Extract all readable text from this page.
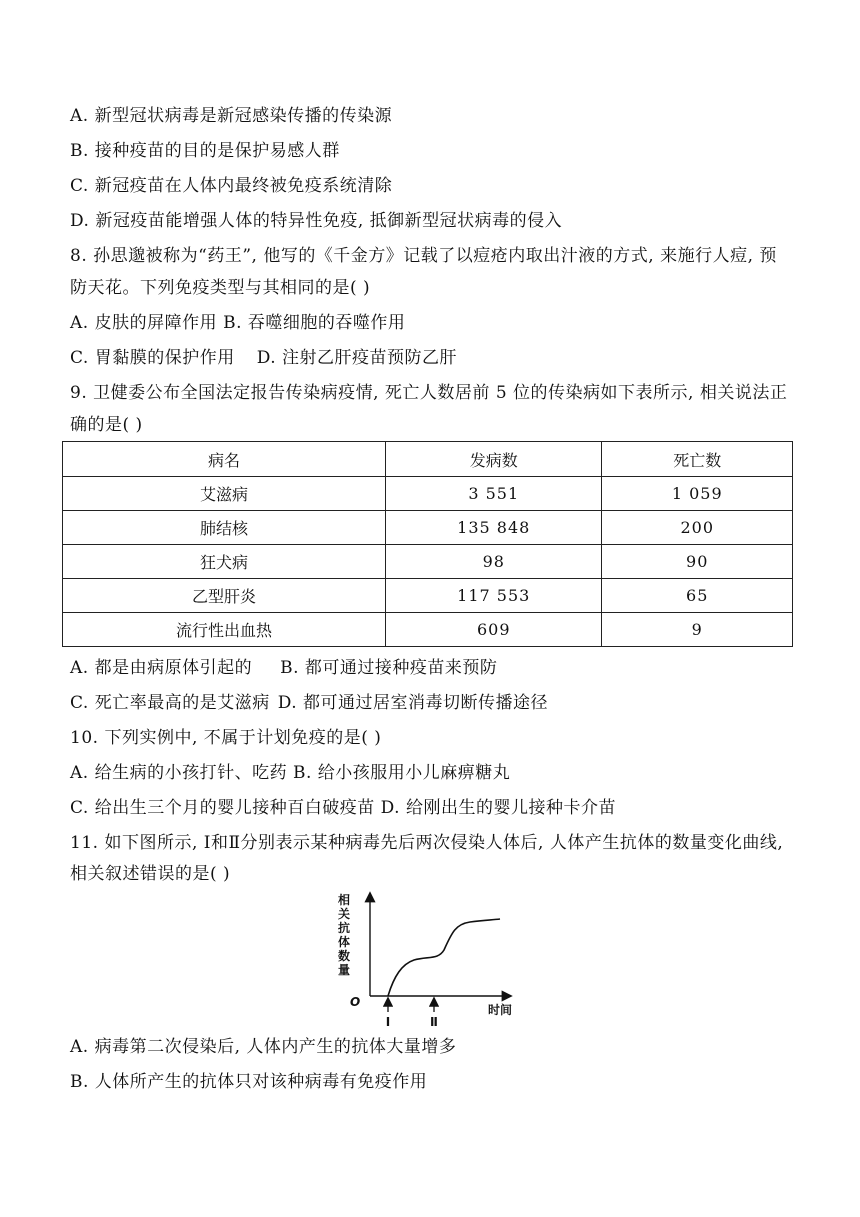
A. 新型冠状病毒是新冠感染传播的传染源
B. 接种疫苗的目的是保护易感人群
C. 新冠疫苗在人体内最终被免疫系统清除
D. 新冠疫苗能增强人体的特异性免疫, 抵御新型冠状病毒的侵入
8. 孙思邈被称为“药王”, 他写的《千金方》记载了以痘疮内取出汁液的方式, 来施行人痘, 预
防天花。下列免疫类型与其相同的是( )
A. 皮肤的屏障作用 B. 吞噬细胞的吞噬作用
C. 胃黏膜的保护作用 D. 注射乙肝疫苗预防乙肝
9. 卫健委公布全国法定报告传染病疫情, 死亡人数居前 5 位的传染病如下表所示, 相关说法正
确的是( )
病名	发病数	死亡数
艾滋病	3 551	1 059
肺结核	135 848	200
狂犬病	98	90
乙型肝炎	117 553	65
流行性出血热	609	9
A. 都是由病原体引起的 B. 都可通过接种疫苗来预防
C. 死亡率最高的是艾滋病 D. 都可通过居室消毒切断传播途径
10. 下列实例中, 不属于计划免疫的是( )
A. 给生病的小孩打针、吃药 B. 给小孩服用小儿麻痹糖丸
C. 给出生三个月的婴儿接种百白破疫苗 D. 给刚出生的婴儿接种卡介苗
11. 如下图所示, Ⅰ和Ⅱ分别表示某种病毒先后两次侵染人体后, 人体产生抗体的数量变化曲线,
相关叙述错误的是( )
相
关
抗
体
数
量
O
时间
Ⅰ	Ⅱ
A. 病毒第二次侵染后, 人体内产生的抗体大量增多
B. 人体所产生的抗体只对该种病毒有免疫作用
